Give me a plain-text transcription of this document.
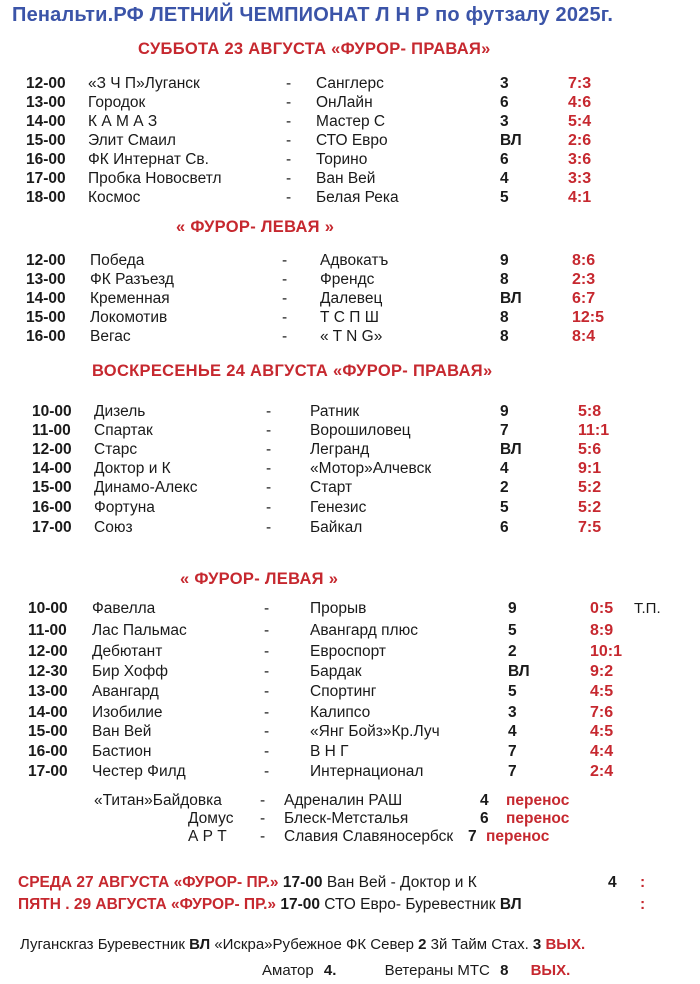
Пенальти.РФ ЛЕТНИЙ ЧЕМПИОНАТ Л Н Р по футзалу 2025г.
СУББОТА 23 АВГУСТА «ФУРОР- ПРАВАЯ»
12-00 «З Ч П»Луганск	- Санглерс	3	7:3
13-00 Городок	- ОнЛайн	6	4:6
14-00 К А М А З	- Мастер С	3	5:4
15-00 Элит Смаил	- СТО Евро	ВЛ	2:6
16-00 ФК Интернат Св.	- Торино	6	3:6
17-00 Пробка Новосветл	- Ван Вей	4	3:3
18-00 Космос	- Белая Река	5	4:1
« ФУРОР- ЛЕВАЯ »
12-00 Победа	- Адвокатъ	9	8:6
13-00 ФК Разъезд	- Френдс	8	2:3
14-00 Кременная	- Далевец	ВЛ	6:7
15-00 Локомотив	- Т С П Ш	8	12:5
16-00 Вегас	- « T N G»	8	8:4
ВОСКРЕСЕНЬЕ 24 АВГУСТА «ФУРОР- ПРАВАЯ»
10-00 Дизель	-	Ратник	9	5:8
11-00 Спартак	-	Ворошиловец	7	11:1
12-00 Старс	-	Легранд	ВЛ	5:6
14-00 Доктор и К	-	«Мотор»Алчевск	4	9:1
15-00 Динамо-Алекс	-	Старт	2	5:2
16-00 Фортуна	-	Генезис	5	5:2
17-00 Союз	-	Байкал	6	7:5
« ФУРОР- ЛЕВАЯ »
10-00 Фавелла	-	Прорыв	9	0:5 Т.П.
11-00 Лас Пальмас	-	Авангард плюс	5	8:9
12-00 Дебютант	-	Евроспорт	2	10:1
12-30 Бир Хофф	-	Бардак	ВЛ	9:2
13-00 Авангард	-	Спортинг	5	4:5
14-00 Изобилие	-	Калипсо	3	7:6
15-00 Ван Вей	-	«Янг Бойз»Кр.Луч	4	4:5
16-00 Бастион	-	В Н Г	7	4:4
17-00 Честер Филд	-	Интернационал	7	2:4
«Титан»Байдовка - Адреналин РАШ	4 перенос
Домус - Блеск-Метсталья	6 перенос
А Р Т - Славия Славяносербск 7 перенос
СРЕДА 27 АВГУСТА «ФУРОР- ПР.» 17-00 Ван Вей - Доктор и К	4 :
ПЯТН . 29 АВГУСТА «ФУРОР- ПР.» 17-00 СТО Евро- Буревестник ВЛ	:
Луганскгаз Буревестник ВЛ «Искра»Рубежное ФК Север 2 3й Тайм Стах. 3 ВЫХ.
Аматор 4.	Ветераны МТС 8 ВЫХ.
